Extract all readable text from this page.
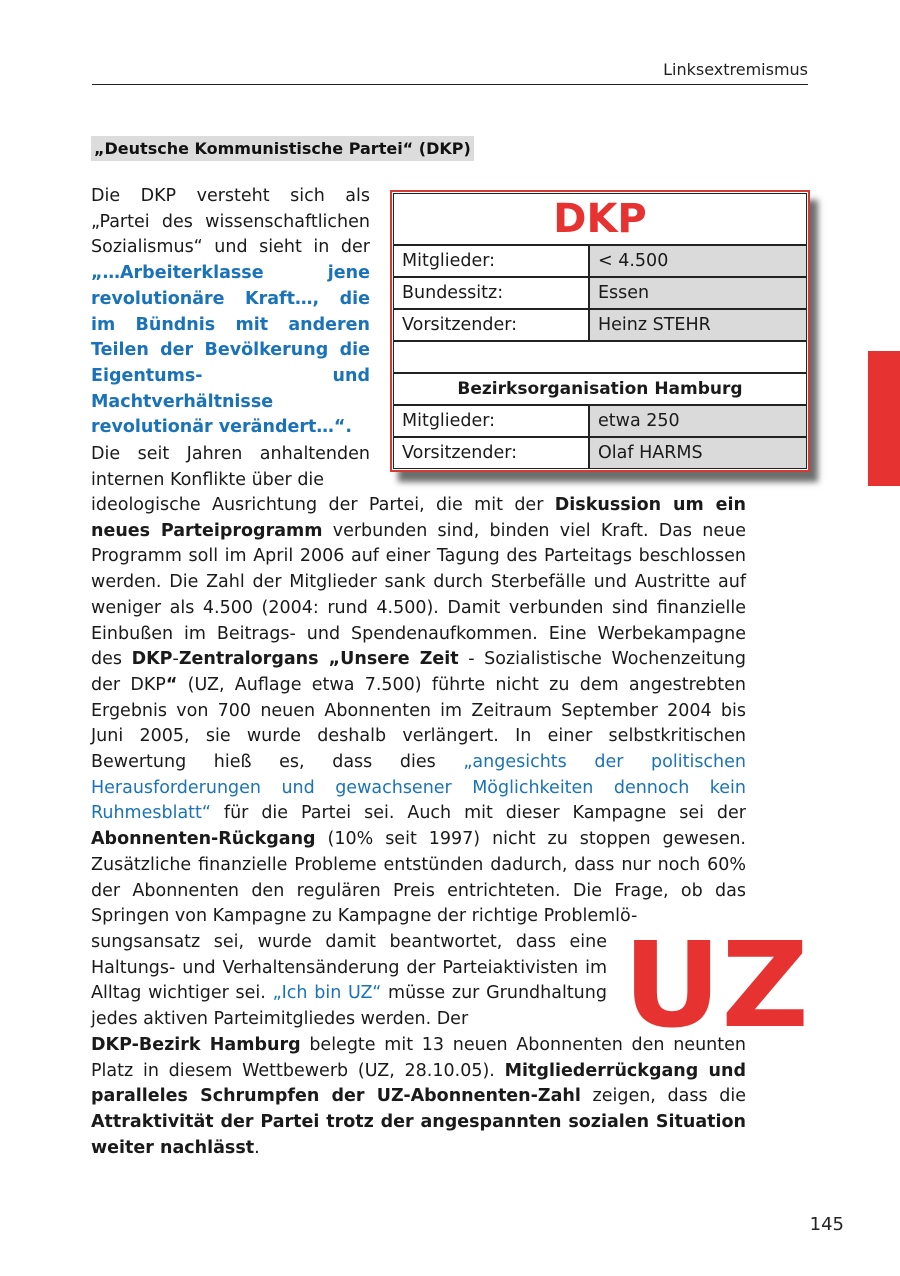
Linksextremismus
„Deutsche Kommunistische Partei“ (DKP)

Die DKP versteht sich als „Partei des wissenschaftlichen Sozialismus“ und sieht in der „…Arbeiterklasse jene revolutionäre Kraft…, die im Bündnis mit anderen Teilen der Bevölkerung die Eigentums- und Machtverhältnisse revolutionär verändert…“.

Die seit Jahren anhaltenden internen Konflikte über die

ideologische Ausrichtung der Partei, die mit der Diskussion um ein neues Parteiprogramm verbunden sind, binden viel Kraft. Das neue Programm soll im April 2006 auf einer Tagung des Parteitags beschlossen werden. Die Zahl der Mitglieder sank durch Sterbefälle und Austritte auf weniger als 4.500 (2004: rund 4.500). Damit verbunden sind finanzielle Einbußen im Beitrags- und Spendenaufkommen. Eine Werbekampagne des DKP-Zentralorgans „Unsere Zeit - Sozialistische Wochenzeitung der DKP“ (UZ, Auflage etwa 7.500) führte nicht zu dem angestrebten Ergebnis von 700 neuen Abonnenten im Zeitraum September 2004 bis Juni 2005, sie wurde deshalb verlängert. In einer selbstkritischen Bewertung hieß es, dass dies „angesichts der politischen Herausforderungen und gewachsener Möglichkeiten dennoch kein Ruhmesblatt“ für die Partei sei. Auch mit dieser Kampagne sei der Abonnenten-Rückgang (10% seit 1997) nicht zu stoppen gewesen. Zusätzliche finanzielle Probleme entstünden dadurch, dass nur noch 60% der Abonnenten den regulären Preis entrichteten. Die Frage, ob das Springen von Kampagne zu Kampagne der richtige Problemlö-

sungsansatz sei, wurde damit beantwortet, dass eine Haltungs- und Verhaltensänderung der Parteiaktivisten im Alltag wichtiger sei. „Ich bin UZ“ müsse zur Grundhaltung jedes aktiven Parteimitgliedes werden. Der

DKP-Bezirk Hamburg belegte mit 13 neuen Abonnenten den neunten Platz in diesem Wettbewerb (UZ, 28.10.05). Mitgliederrückgang und paralleles Schrumpfen der UZ-Abonnenten-Zahl zeigen, dass die Attraktivität der Partei trotz der angespannten sozialen Situation weiter nachlässt.

DKP
Mitglieder:	< 4.500
Bundessitz:	Essen
Vorsitzender:	Heinz STEHR
Bezirksorganisation Hamburg
Mitglieder:	etwa 250
Vorsitzender:	Olaf HARMS
UZ
145
